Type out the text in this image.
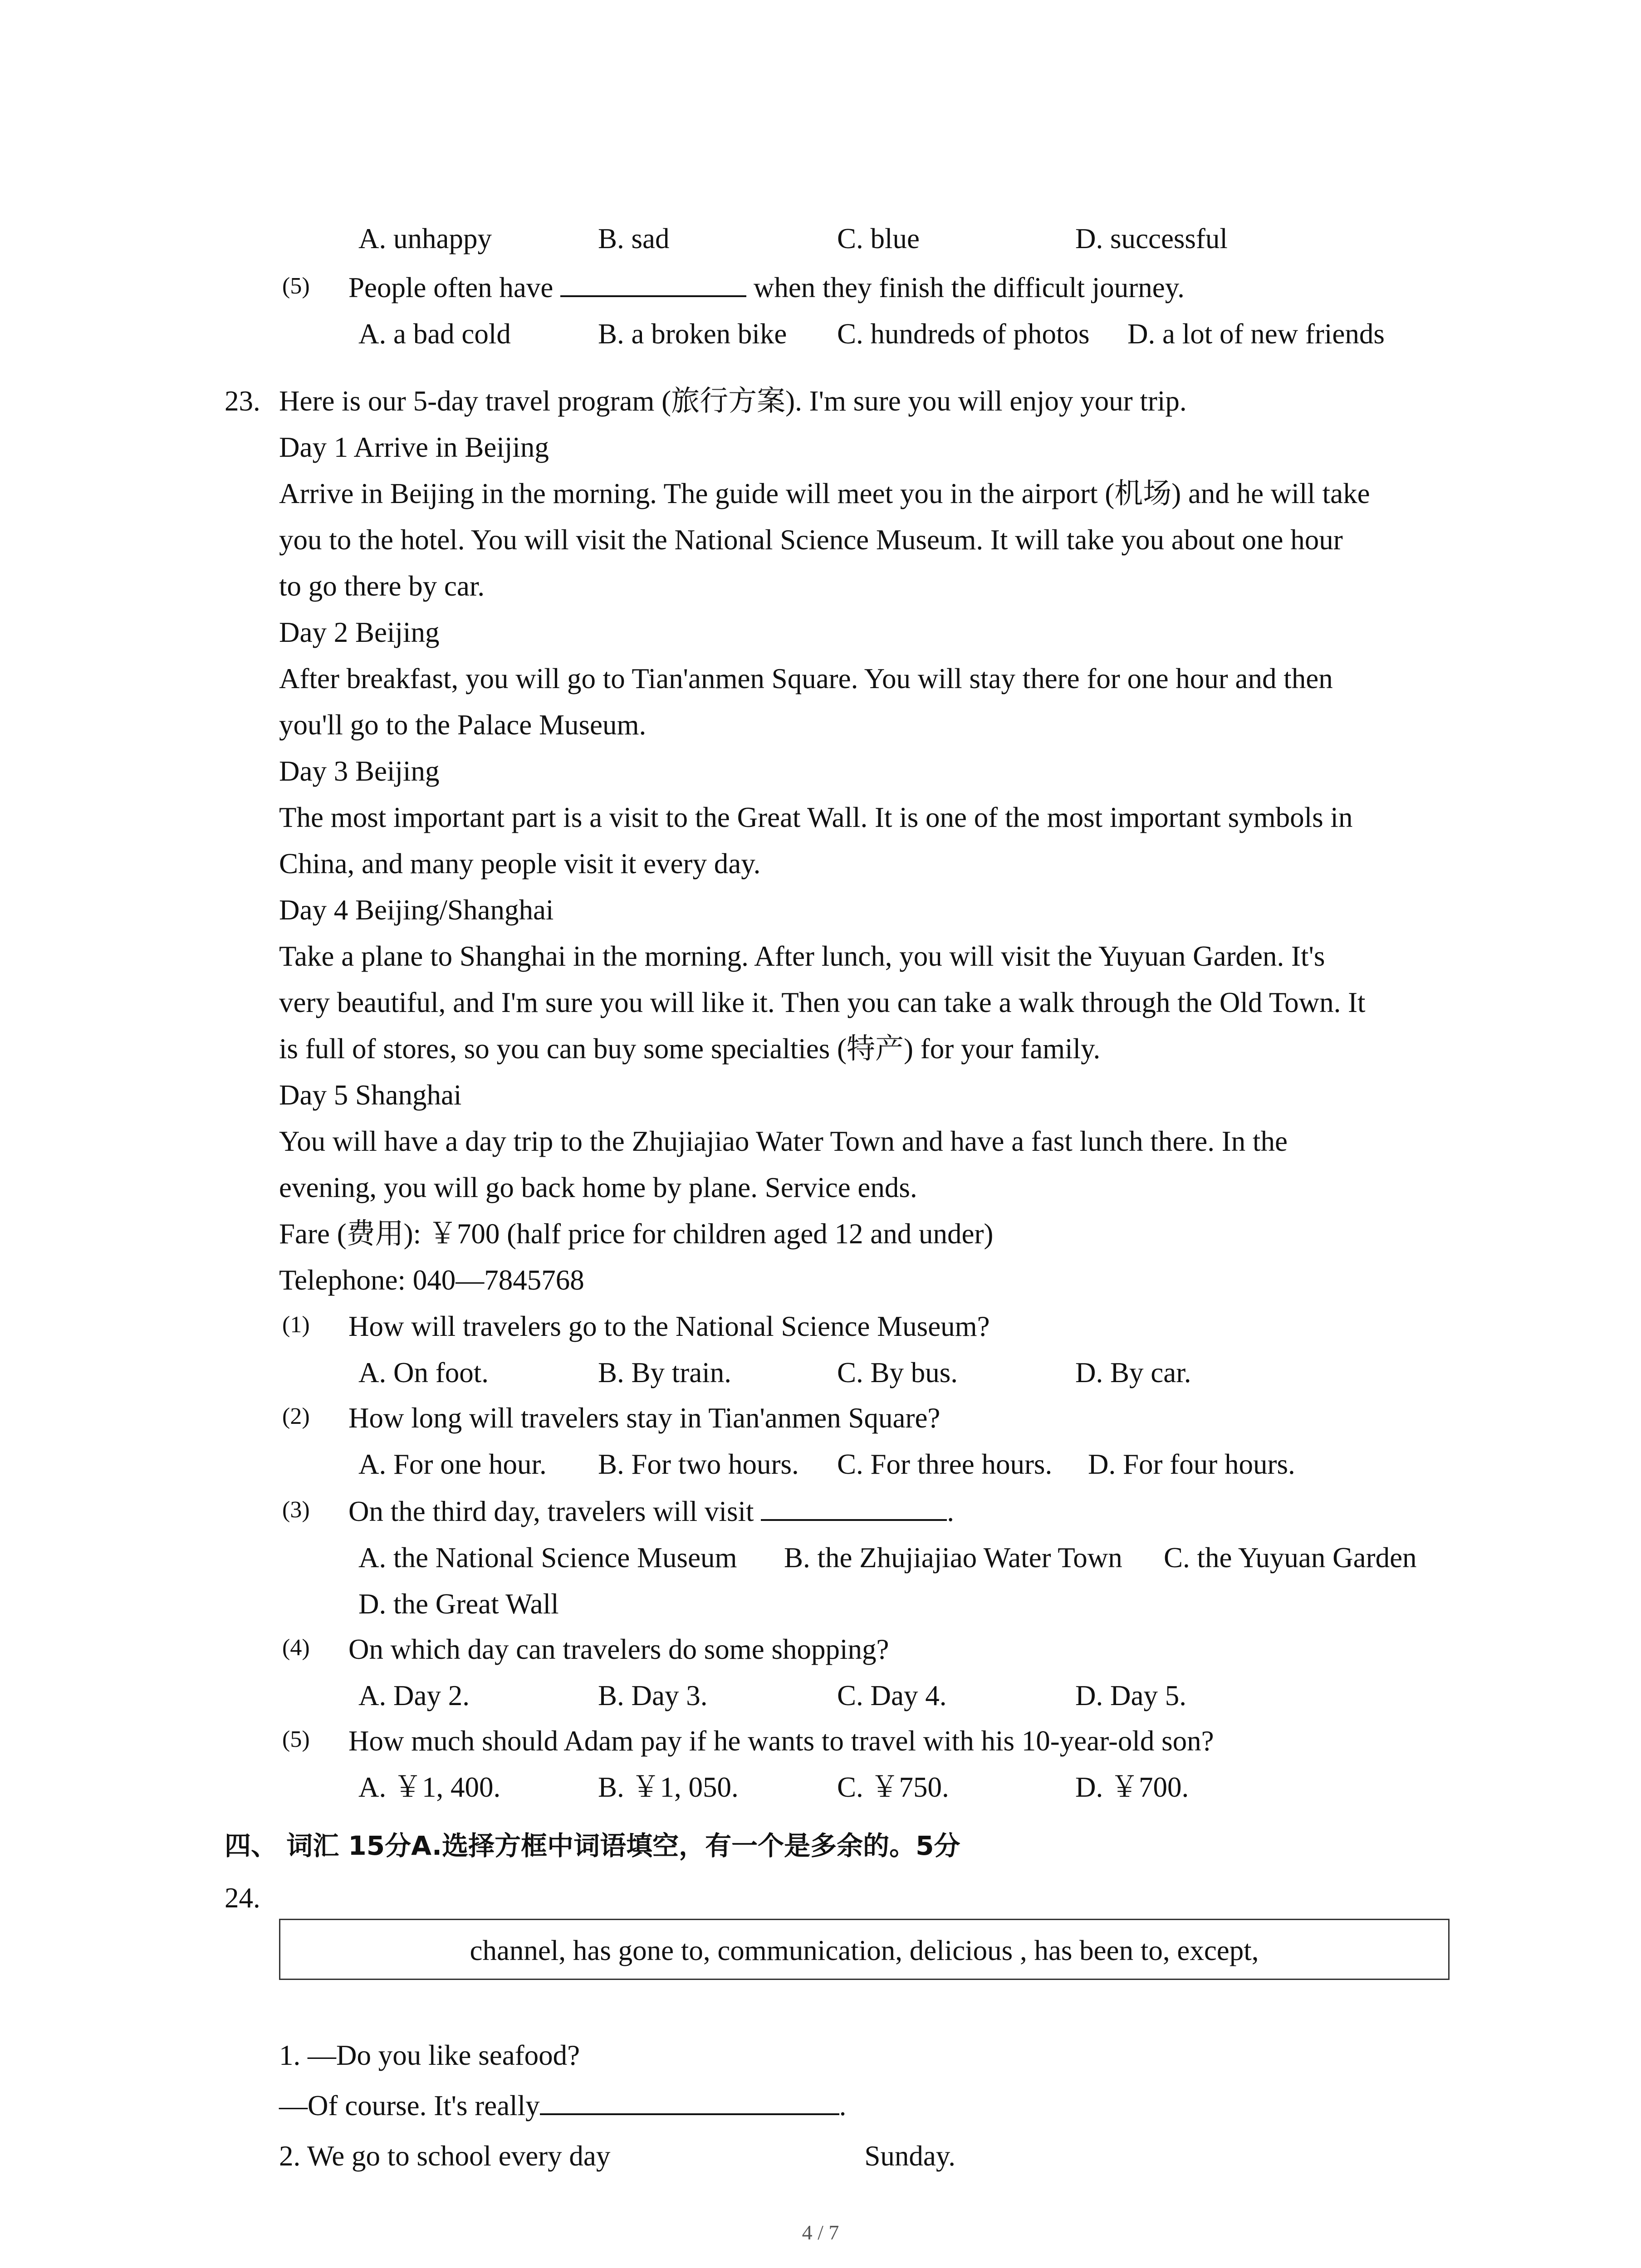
A. unhappy	B. sad	C. blue	D. successful
(5) People often have	when they finish the difficult journey.
A. a bad cold	B. a broken bike C. hundreds of photos D. a lot of new friends
23. Here is our 5-day travel program (旅行方案). I'm sure you will enjoy your trip.
Day 1 Arrive in Beijing
Arrive in Beijing in the morning. The guide will meet you in the airport (机场) and he will take
you to the hotel. You will visit the National Science Museum. It will take you about one hour
to go there by car.
Day 2 Beijing
After breakfast, you will go to Tian'anmen Square. You will stay there for one hour and then
you'll go to the Palace Museum.
Day 3 Beijing
The most important part is a visit to the Great Wall. It is one of the most important symbols in
China, and many people visit it every day.
Day 4 Beijing/Shanghai
Take a plane to Shanghai in the morning. After lunch, you will visit the Yuyuan Garden. It's
very beautiful, and I'm sure you will like it. Then you can take a walk through the Old Town. It
is full of stores, so you can buy some specialties (特产) for your family.
Day 5 Shanghai
You will have a day trip to the Zhujiajiao Water Town and have a fast lunch there. In the
evening, you will go back home by plane. Service ends.
Fare (费用): ￥700 (half price for children aged 12 and under)
Telephone: 040—7845768
(1) How will travelers go to the National Science Museum?
A. On foot.	B. By train.	C. By bus.	D. By car.
(2) How long will travelers stay in Tian'anmen Square?
A. For one hour. B. For two hours. C. For three hours. D. For four hours.
(3) On the third day, travelers will visit	.
A. the National Science Museum B. the Zhujiajiao Water Town C. the Yuyuan Garden
D. the Great Wall
(4) On which day can travelers do some shopping?
A. Day 2.	B. Day 3.	C. Day 4.	D. Day 5.
(5) How much should Adam pay if he wants to travel with his 10-year-old son?
A. ￥1, 400.	B. ￥1, 050.	C. ￥750.	D. ￥700.
四、 词汇 15分A.选择方框中词语填空，有一个是多余的。5分
24.
channel, has gone to, communication, delicious , has been to, except,
1. —Do you like seafood?
—Of course. It's really	.
2. We go to school every day	Sunday.
4 / 7
